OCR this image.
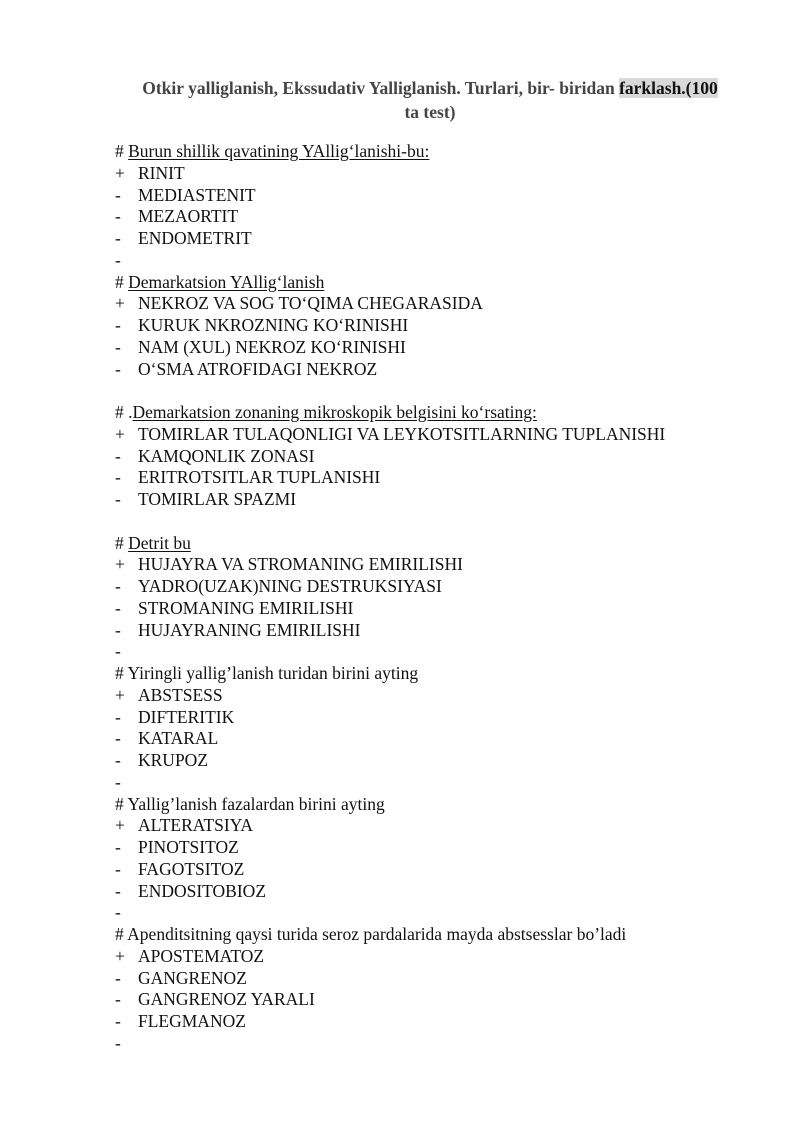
Otkir yalliglanish, Ekssudativ Yalliglanish. Turlari, bir- biridan farklash.(100
ta test)
# Burun shillik qavatining YAllig‘lanishi-bu:
+ RINIT
- MEDIASTENIT
- MEZAORTIT
- ENDOMETRIT
-
# Demarkatsion YAllig‘lanish
+ NEKROZ VA SOG TO‘QIMA CHEGARASIDA
- KURUK NKROZNING KO‘RINISHI
- NAM (XUL) NEKROZ KO‘RINISHI
- O‘SMA ATROFIDAGI NEKROZ
# .Demarkatsion zonaning mikroskopik belgisini ko‘rsating:
+ TOMIRLAR TULAQONLIGI VA LEYKOTSITLARNING TUPLANISHI
- KAMQONLIK ZONASI
- ERITROTSITLAR TUPLANISHI
- TOMIRLAR SPAZMI
# Detrit bu
+ HUJAYRA VA STROMANING EMIRILISHI
- YADRO(UZAK)NING DESTRUKSIYASI
- STROMANING EMIRILISHI
- HUJAYRANING EMIRILISHI
-
# Yiringli yallig’lanish turidan birini ayting
+ ABSTSESS
- DIFTERITIK
- KATARAL
- KRUPOZ
-
# Yallig’lanish fazalardan birini ayting
+ ALTERATSIYA
- PINOTSITOZ
- FAGOTSITOZ
- ENDOSITOBIOZ
-
# Apenditsitning qaysi turida seroz pardalarida mayda abstsesslar bo’ladi
+ APOSTEMATOZ
- GANGRENOZ
- GANGRENOZ YARALI
- FLEGMANOZ
-
